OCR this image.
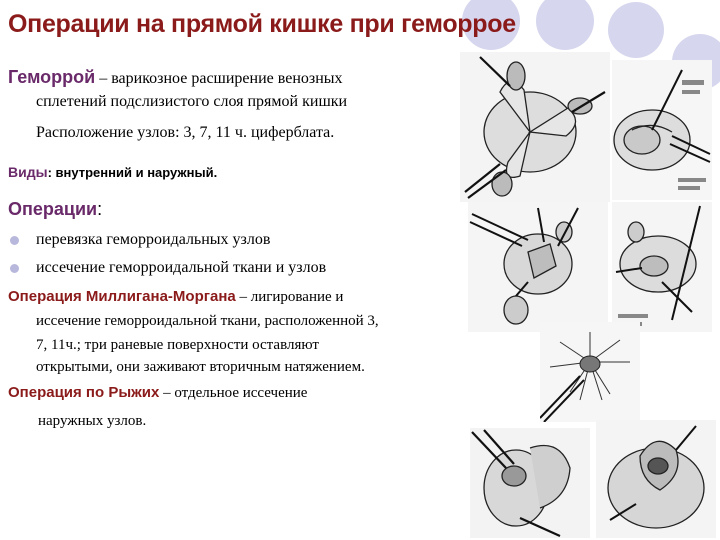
Операции на прямой кишке при геморрое
Геморрой – варикозное расширение венозных
сплетений подслизистого слоя прямой кишки
Расположение узлов: 3, 7, 11 ч. циферблата.
Виды: внутренний и наружный.
Операции:
перевязка геморроидальных узлов
иссечение геморроидальной ткани и узлов
Операция Миллигана-Моргана – лигирование и
иссечение геморроидальной ткани, расположенной 3,
7, 11ч.; три раневые поверхности оставляют
открытыми, они заживают вторичным натяжением.
Операция по Рыжих – отдельное иссечение
наружных узлов.
